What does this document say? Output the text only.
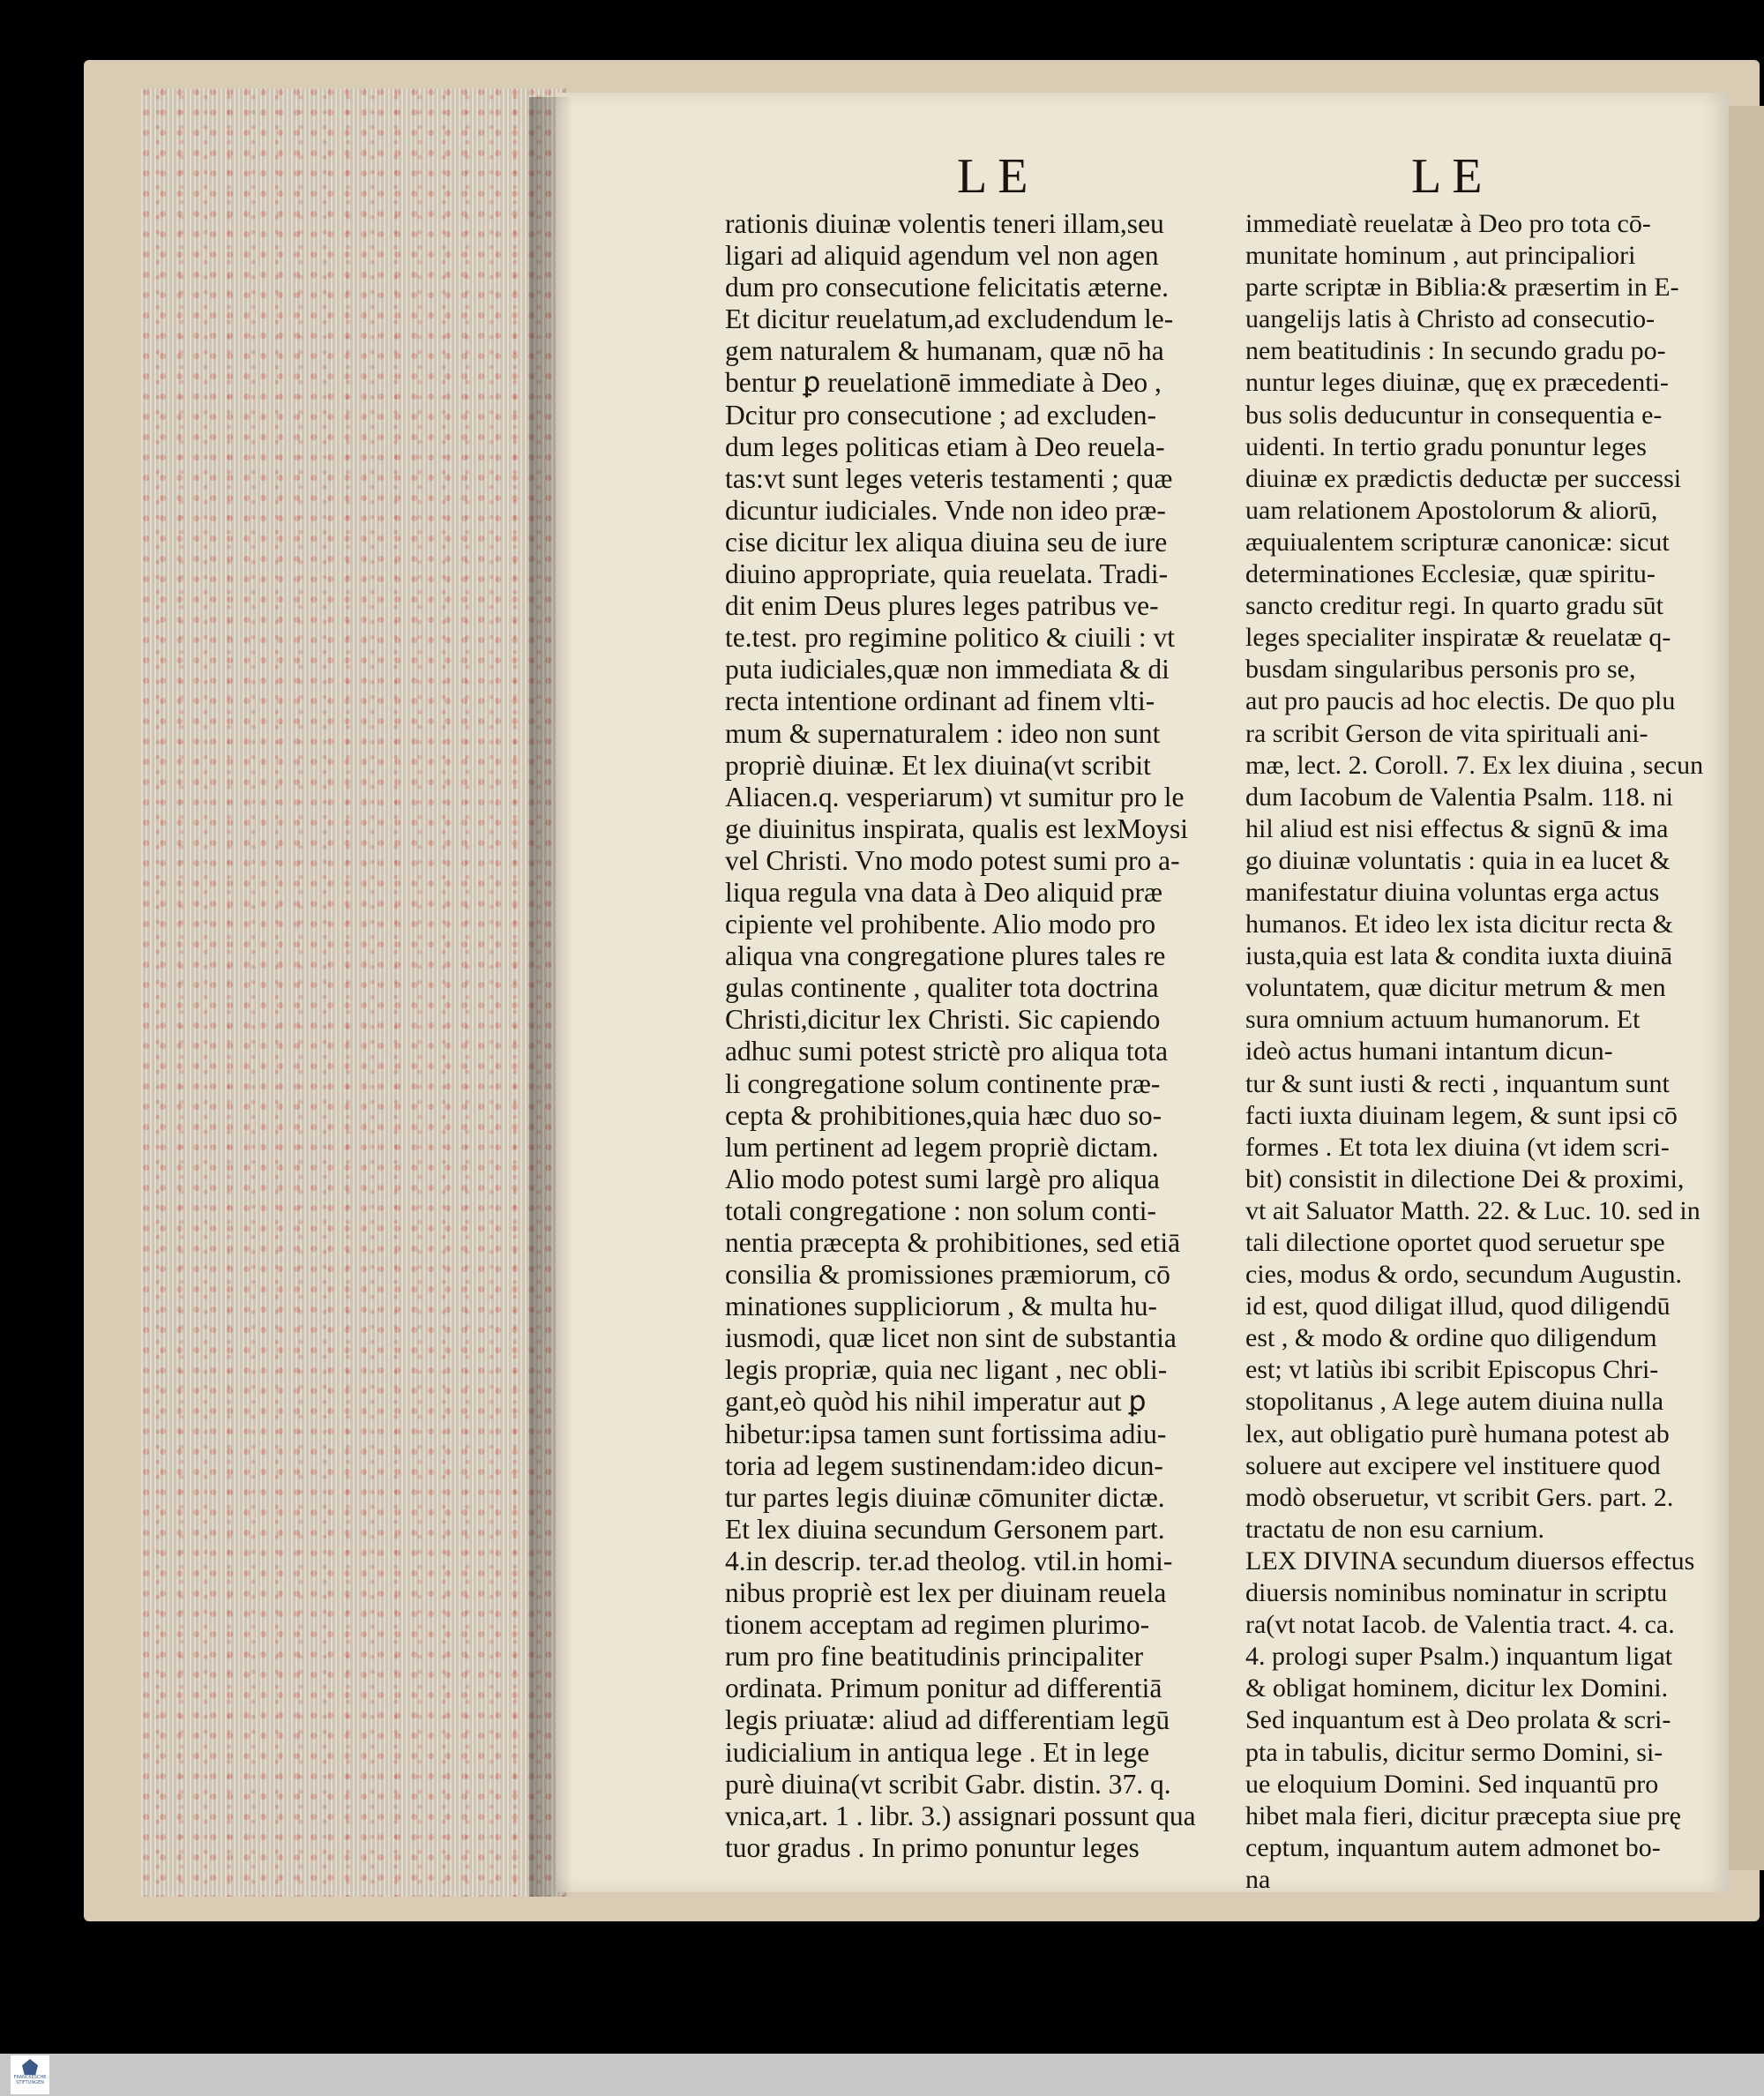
LE	LE
rationis diuinæ volentis teneri illam,seu
ligari ad aliquid agendum vel non agen
dum pro consecutione felicitatis æterne.
Et dicitur reuelatum,ad excludendum le-
gem naturalem & humanam, quæ nō ha
bentur ꝑ reuelationē immediate à Deo ,
Dcitur pro consecutione ; ad excluden-
dum leges politicas etiam à Deo reuela-
tas:vt sunt leges veteris testamenti ; quæ
dicuntur iudiciales. Vnde non ideo præ-
cise dicitur lex aliqua diuina seu de iure
diuino appropriate, quia reuelata. Tradi-
dit enim Deus plures leges patribus ve-
te.test. pro regimine politico & ciuili : vt
puta iudiciales,quæ non immediata & di
recta intentione ordinant ad finem vlti-
mum & supernaturalem : ideo non sunt
propriè diuinæ. Et lex diuina(vt scribit
Aliacen.q. vesperiarum) vt sumitur pro le
ge diuinitus inspirata, qualis est lexMoysi
vel Christi. Vno modo potest sumi pro a-
liqua regula vna data à Deo aliquid præ
cipiente vel prohibente. Alio modo pro
aliqua vna congregatione plures tales re
gulas continente , qualiter tota doctrina
Christi,dicitur lex Christi. Sic capiendo
adhuc sumi potest strictè pro aliqua tota
li congregatione solum continente præ-
cepta & prohibitiones,quia hæc duo so-
lum pertinent ad legem propriè dictam.
Alio modo potest sumi largè pro aliqua
totali congregatione : non solum conti-
nentia præcepta & prohibitiones, sed etiā
consilia & promissiones præmiorum, cō
minationes suppliciorum , & multa hu-
iusmodi, quæ licet non sint de substantia
legis propriæ, quia nec ligant , nec obli-
gant,eò quòd his nihil imperatur aut ꝑ
hibetur:ipsa tamen sunt fortissima adiu-
toria ad legem sustinendam:ideo dicun-
tur partes legis diuinæ cōmuniter dictæ.
Et lex diuina secundum Gersonem part.
4.in descrip. ter.ad theolog. vtil.in homi-
nibus propriè est lex per diuinam reuela
tionem acceptam ad regimen plurimo-
rum pro fine beatitudinis principaliter
ordinata. Primum ponitur ad differentiā
legis priuatæ: aliud ad differentiam legū
iudicialium in antiqua lege . Et in lege
purè diuina(vt scribit Gabr. distin. 37. q.
vnica,art. 1 . libr. 3.) assignari possunt qua
tuor gradus . In primo ponuntur leges
immediatè reuelatæ à Deo pro tota cō-
munitate hominum , aut principaliori
parte scriptæ in Biblia:& præsertim in E-
uangelijs latis à Christo ad consecutio-
nem beatitudinis : In secundo gradu po-
nuntur leges diuinæ, quę ex præcedenti-
bus solis deducuntur in consequentia e-
uidenti. In tertio gradu ponuntur leges
diuinæ ex prædictis deductæ per successi
uam relationem Apostolorum & aliorū,
æquiualentem scripturæ canonicæ: sicut
determinationes Ecclesiæ, quæ spiritu-
sancto creditur regi. In quarto gradu sūt
leges specialiter inspiratæ & reuelatæ q-
busdam singularibus personis pro se,
aut pro paucis ad hoc electis. De quo plu
ra scribit Gerson de vita spirituali ani-
mæ, lect. 2. Coroll. 7. Ex lex diuina , secun
dum Iacobum de Valentia Psalm. 118. ni
hil aliud est nisi effectus & signū & ima
go diuinæ voluntatis : quia in ea lucet &
manifestatur diuina voluntas erga actus
humanos. Et ideo lex ista dicitur recta &
iusta,quia est lata & condita iuxta diuinā
voluntatem, quæ dicitur metrum & men
sura omnium actuum humanorum. Et
ideò actus humani intantum dicun-
tur & sunt iusti & recti , inquantum sunt
facti iuxta diuinam legem, & sunt ipsi cō
formes . Et tota lex diuina (vt idem scri-
bit) consistit in dilectione Dei & proximi,
vt ait Saluator Matth. 22. & Luc. 10. sed in
tali dilectione oportet quod seruetur spe
cies, modus & ordo, secundum Augustin.
id est, quod diligat illud, quod diligendū
est , & modo & ordine quo diligendum
est; vt latiùs ibi scribit Episcopus Chri-
stopolitanus , A lege autem diuina nulla
lex, aut obligatio purè humana potest ab
soluere aut excipere vel instituere quod
modò obseruetur, vt scribit Gers. part. 2.
tractatu de non esu carnium.
LEX DIVINA secundum diuersos effectus
diuersis nominibus nominatur in scriptu
ra(vt notat Iacob. de Valentia tract. 4. ca.
4. prologi super Psalm.) inquantum ligat
& obligat hominem, dicitur lex Domini.
Sed inquantum est à Deo prolata & scri-
pta in tabulis, dicitur sermo Domini, si-
ue eloquium Domini. Sed inquantū pro
hibet mala fieri, dicitur præcepta siue prę
ceptum, inquantum autem admonet bo-
na
FRANCKESCHE STIFTUNGEN
